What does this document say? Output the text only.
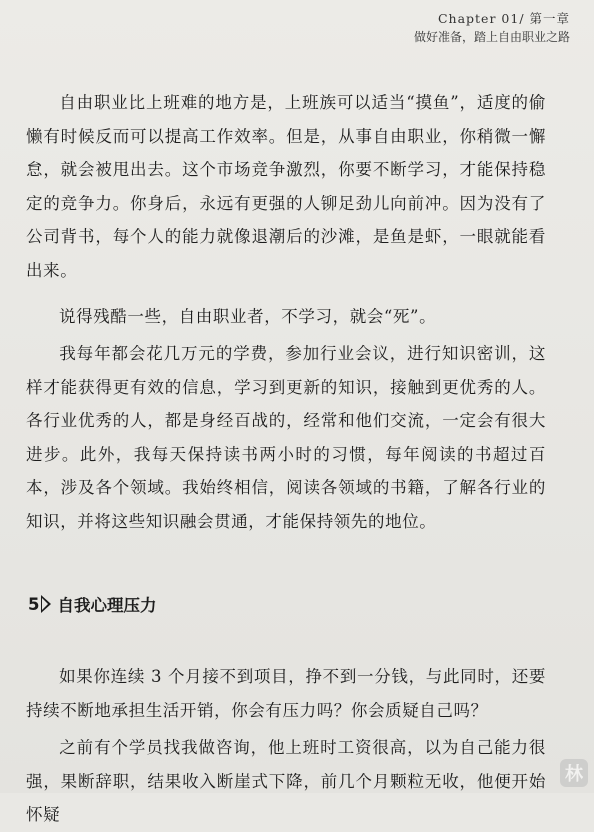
Chapter 01/ 第一章
做好准备，踏上自由职业之路

自由职业比上班难的地方是，上班族可以适当“摸鱼”，适度的偷懒有时候反而可以提高工作效率。但是，从事自由职业，你稍微一懈怠，就会被甩出去。这个市场竞争激烈，你要不断学习，才能保持稳定的竞争力。你身后，永远有更强的人铆足劲儿向前冲。因为没有了公司背书，每个人的能力就像退潮后的沙滩，是鱼是虾，一眼就能看出来。

说得残酷一些，自由职业者，不学习，就会“死”。

我每年都会花几万元的学费，参加行业会议，进行知识密训，这样才能获得更有效的信息，学习到更新的知识，接触到更优秀的人。各行业优秀的人，都是身经百战的，经常和他们交流，一定会有很大进步。此外，我每天保持读书两小时的习惯，每年阅读的书超过百本，涉及各个领域。我始终相信，阅读各领域的书籍，了解各行业的知识，并将这些知识融会贯通，才能保持领先的地位。

5 自我心理压力

如果你连续 3 个月接不到项目，挣不到一分钱，与此同时，还要持续不断地承担生活开销，你会有压力吗？你会质疑自己吗？

之前有个学员找我做咨询，他上班时工资很高，以为自己能力很强，果断辞职，结果收入断崖式下降，前几个月颗粒无收，他便开始怀疑

林
